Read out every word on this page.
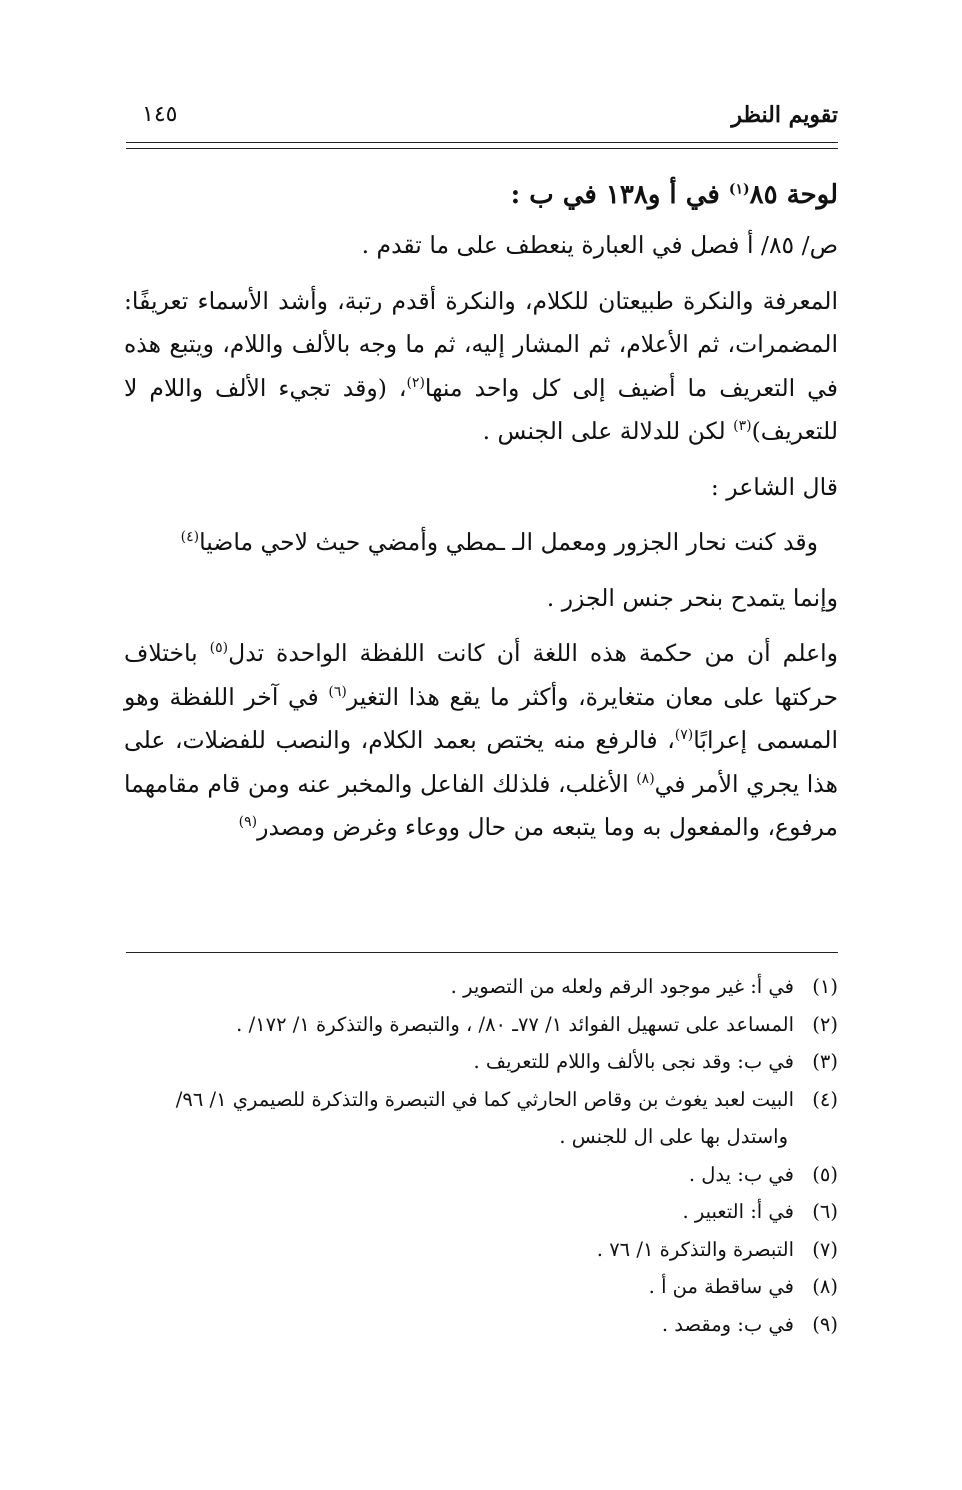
تقويم النظر
١٤٥

لوحة ٨٥$^{(١)}$ في أ و١٣٨ في ب :

ص/ ٨٥/ أ فصل في العبارة ينعطف على ما تقدم .

المعرفة والنكرة طبيعتان للكلام، والنكرة أقدم رتبة، وأشد الأسماء تعريفًا: المضمرات، ثم الأعلام، ثم المشار إليه، ثم ما وجه بالألف واللام، ويتبع هذه في التعريف ما أضيف إلى كل واحد منها$^{(٢)}$، (وقد تجيء الألف واللام لا للتعريف)$^{(٣)}$ لكن للدلالة على الجنس .

قال الشاعر :

وقد كنت نحار الجزور ومعمل الـ ـمطي وأمضي حيث لاحي ماضيا$^{(٤)}$

وإنما يتمدح بنحر جنس الجزر .

واعلم أن من حكمة هذه اللغة أن كانت اللفظة الواحدة تدل$^{(٥)}$ باختلاف حركتها على معان متغايرة، وأكثر ما يقع هذا التغير$^{(٦)}$ في آخر اللفظة وهو المسمى إعرابًا$^{(٧)}$، فالرفع منه يختص بعمد الكلام، والنصب للفضلات، على هذا يجري الأمر في$^{(٨)}$ الأغلب، فلذلك الفاعل والمخبر عنه ومن قام مقامهما مرفوع، والمفعول به وما يتبعه من حال ووعاء وغرض ومصدر$^{(٩)}$

(١)في أ: غير موجود الرقم ولعله من التصوير .

(٢)المساعد على تسهيل الفوائد ١/ ٧٧ـ ٨٠/ ، والتبصرة والتذكرة ١/ ١٧٢/ .

(٣)في ب: وقد نجى بالألف واللام للتعريف .

(٤)البيت لعبد يغوث بن وقاص الحارثي كما في التبصرة والتذكرة للصيمري ١/ ٩٦/

واستدل بها على ال للجنس .

(٥)في ب: يدل .

(٦)في أ: التعبير .

(٧)التبصرة والتذكرة ١/ ٧٦ .

(٨)في ساقطة من أ .

(٩)في ب: ومقصد .
